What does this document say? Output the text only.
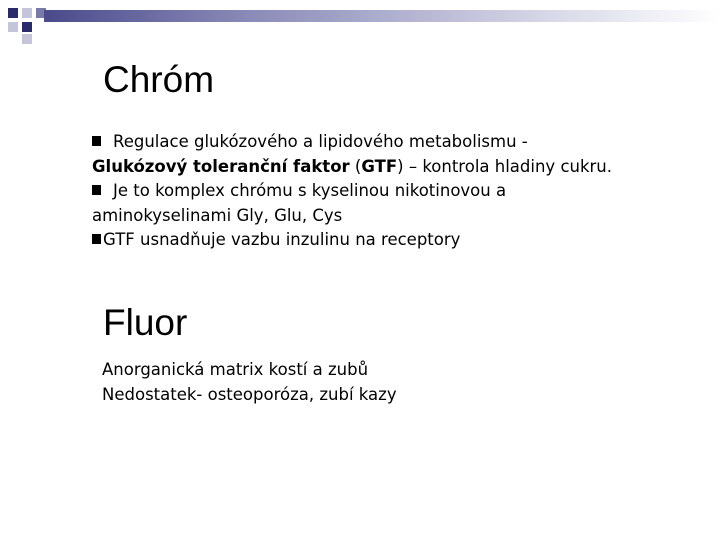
Chróm

Regulace glukózového a lipidového metabolismu - Glukózový toleranční faktor (GTF) – kontrola hladiny cukru.

Je to komplex chrómu s kyselinou nikotinovou a aminokyselinami Gly, Glu, Cys

GTF usnadňuje vazbu inzulinu na receptory

Fluor
Anorganická matrix kostí a zubů
Nedostatek- osteoporóza, zubí kazy
